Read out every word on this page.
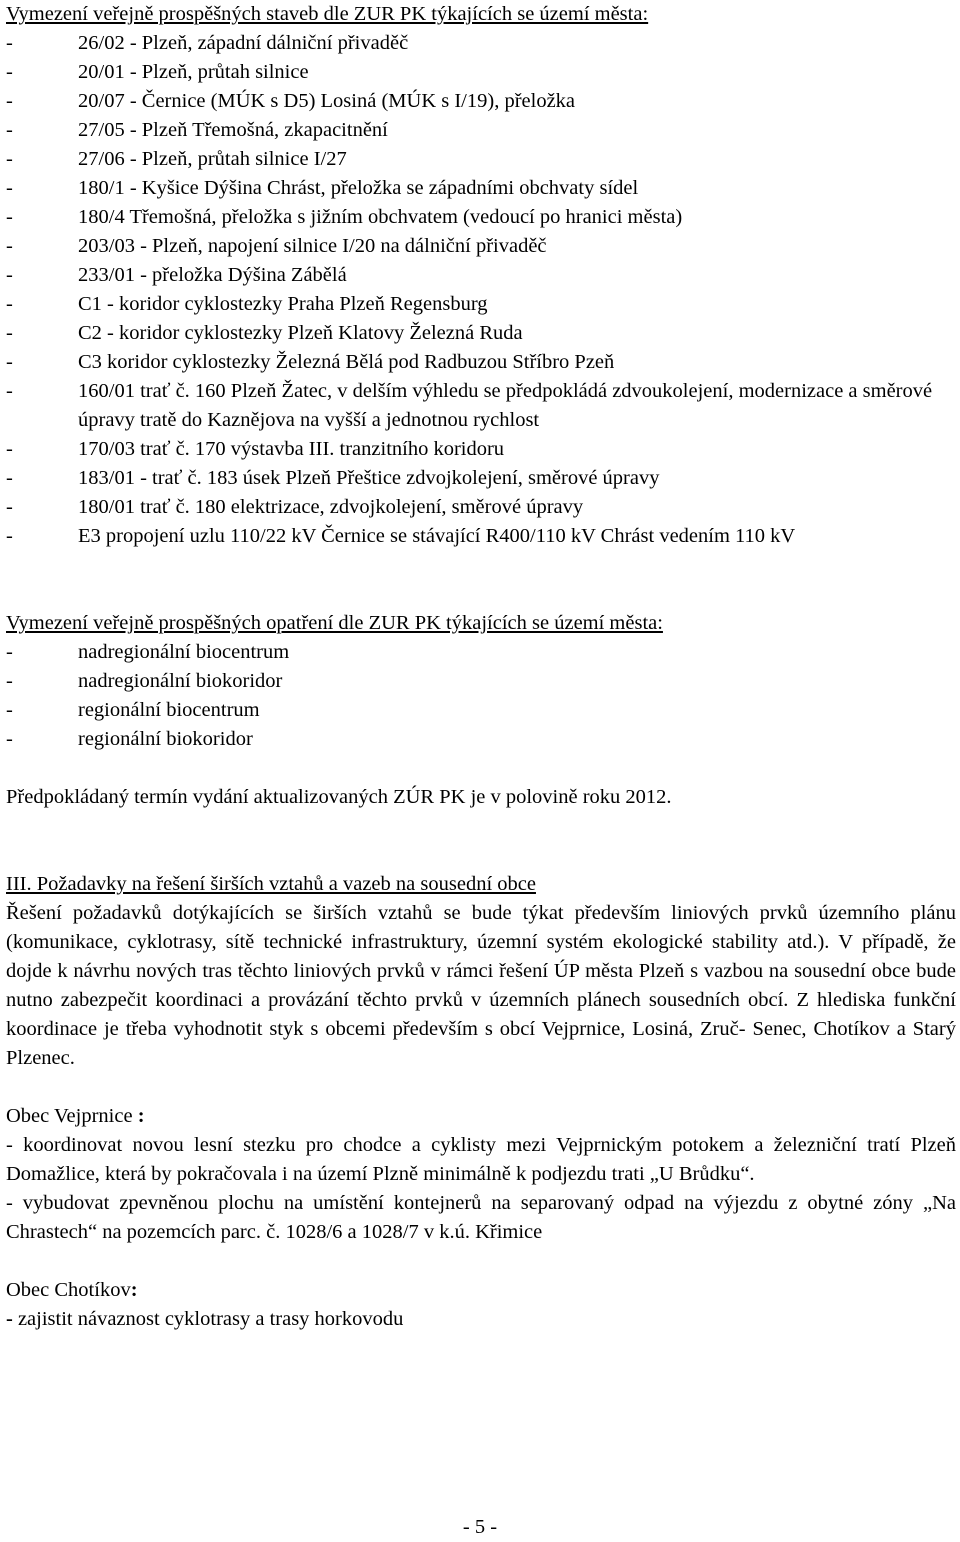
Vymezení veřejně prospěšných staveb dle ZUR PK týkajících se území města:

-	26/02 - Plzeň, západní dálniční přivaděč
-	20/01 - Plzeň, průtah silnice
-	20/07 - Černice (MÚK s D5) Losiná (MÚK s I/19), přeložka
-	27/05 - Plzeň Třemošná, zkapacitnění
-	27/06 - Plzeň, průtah silnice I/27
-	180/1 - Kyšice Dýšina Chrást, přeložka se západními obchvaty sídel
-	180/4 Třemošná, přeložka s jižním obchvatem (vedoucí po hranici města)
-	203/03 - Plzeň, napojení silnice I/20 na dálniční přivaděč
-	233/01 - přeložka Dýšina Zábělá
-	C1 - koridor cyklostezky Praha Plzeň Regensburg
-	C2 - koridor cyklostezky Plzeň Klatovy Železná Ruda
-	C3 koridor cyklostezky Železná Bělá pod Radbuzou Stříbro Pzeň
-	160/01 trať č. 160 Plzeň Žatec, v delším výhledu se předpokládá zdvoukolejení, modernizace a směrové úpravy tratě do Kaznějova na vyšší a jednotnou rychlost
-	170/03 trať č. 170 výstavba III. tranzitního koridoru
-	183/01 - trať č. 183 úsek Plzeň Přeštice zdvojkolejení, směrové úpravy
-	180/01 trať č. 180 elektrizace, zdvojkolejení, směrové úpravy
-	E3 propojení uzlu 110/22 kV Černice se stávající R400/110 kV Chrást vedením 110 kV

Vymezení veřejně prospěšných opatření dle ZUR PK týkajících se území města:

-	nadregionální biocentrum
-	nadregionální biokoridor
-	regionální biocentrum
-	regionální biokoridor

Předpokládaný termín vydání aktualizovaných ZÚR PK je v polovině roku 2012.

III. Požadavky na řešení širších vztahů a vazeb na sousední obce

Řešení požadavků dotýkajících se širších vztahů se bude týkat především liniových prvků územního plánu (komunikace, cyklotrasy, sítě technické infrastruktury, územní systém ekologické stability atd.). V případě, že dojde k návrhu nových tras těchto liniových prvků v rámci řešení ÚP města Plzeň s vazbou na sousední obce bude nutno zabezpečit koordinaci a provázání těchto prvků v územních plánech sousedních obcí. Z hlediska funkční koordinace je třeba vyhodnotit styk s obcemi především s obcí Vejprnice, Losiná, Zruč- Senec, Chotíkov a Starý Plzenec.

Obec Vejprnice :

- koordinovat novou lesní stezku pro chodce a cyklisty mezi Vejprnickým potokem a železniční tratí Plzeň Domažlice, která by pokračovala i na území Plzně minimálně k podjezdu trati „U Brůdku“.

- vybudovat zpevněnou plochu na umístění kontejnerů na separovaný odpad na výjezdu z obytné zóny „Na Chrastech“ na pozemcích parc. č. 1028/6 a 1028/7 v k.ú. Křimice

Obec Chotíkov:

- zajistit návaznost cyklotrasy a trasy horkovodu

- 5 -
